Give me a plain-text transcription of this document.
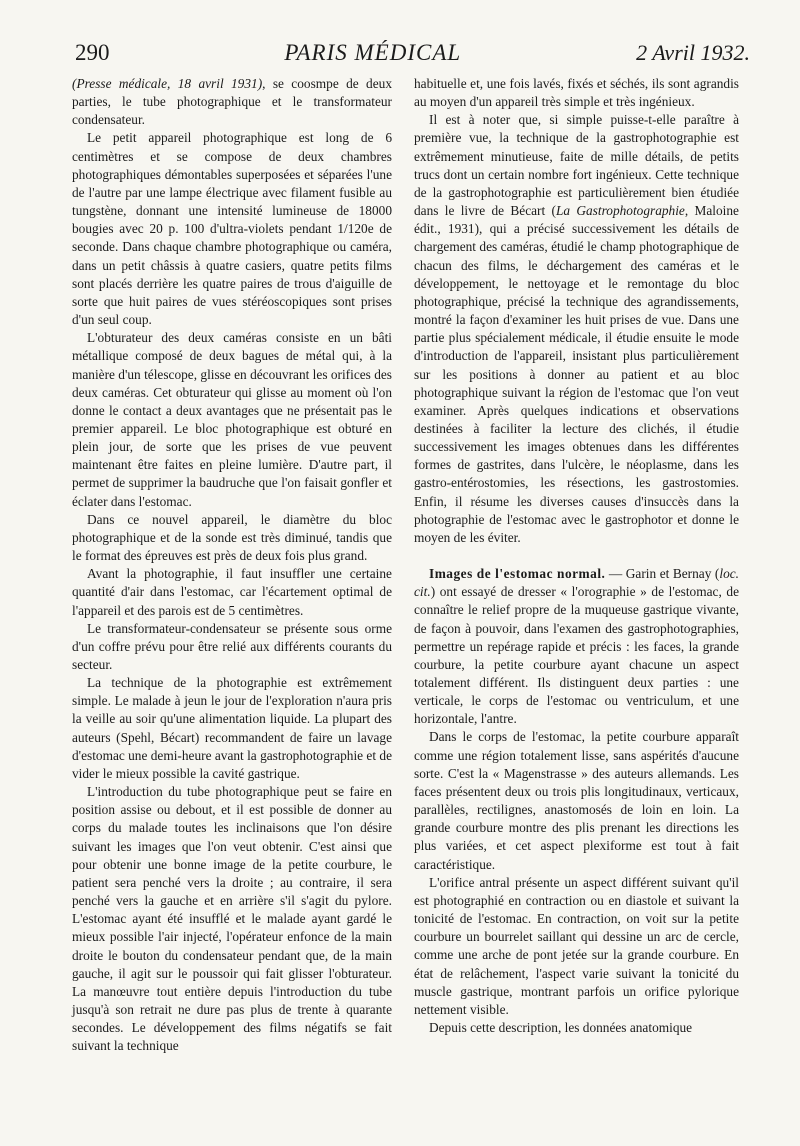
290	PARIS MÉDICAL	2 Avril 1932.

(Presse médicale, 18 avril 1931), se coosmpe de deux parties, le tube photographique et le transformateur condensateur.

Le petit appareil photographique est long de 6 centimètres et se compose de deux chambres photographiques démontables superposées et séparées l'une de l'autre par une lampe électrique avec filament fusible au tungstène, donnant une intensité lumineuse de 18000 bougies avec 20 p. 100 d'ultra-violets pendant 1/120e de seconde. Dans chaque chambre photographique ou caméra, dans un petit châssis à quatre casiers, quatre petits films sont placés derrière les quatre paires de trous d'aiguille de sorte que huit paires de vues stéréoscopiques sont prises d'un seul coup.

L'obturateur des deux caméras consiste en un bâti métallique composé de deux bagues de métal qui, à la manière d'un télescope, glisse en découvrant les orifices des deux caméras. Cet obturateur qui glisse au moment où l'on donne le contact a deux avantages que ne présentait pas le premier appareil. Le bloc photographique est obturé en plein jour, de sorte que les prises de vue peuvent maintenant être faites en pleine lumière. D'autre part, il permet de supprimer la baudruche que l'on faisait gonfler et éclater dans l'estomac.

Dans ce nouvel appareil, le diamètre du bloc photographique et de la sonde est très diminué, tandis que le format des épreuves est près de deux fois plus grand.

Avant la photographie, il faut insuffler une certaine quantité d'air dans l'estomac, car l'écartement optimal de l'appareil et des parois est de 5 centimètres.

Le transformateur-condensateur se présente sous orme d'un coffre prévu pour être relié aux différents courants du secteur.

La technique de la photographie est extrêmement simple. Le malade à jeun le jour de l'exploration n'aura pris la veille au soir qu'une alimentation liquide. La plupart des auteurs (Spehl, Bécart) recommandent de faire un lavage d'estomac une demi-heure avant la gastrophotographie et de vider le mieux possible la cavité gastrique.

L'introduction du tube photographique peut se faire en position assise ou debout, et il est possible de donner au corps du malade toutes les inclinaisons que l'on désire suivant les images que l'on veut obtenir. C'est ainsi que pour obtenir une bonne image de la petite courbure, le patient sera penché vers la droite ; au contraire, il sera penché vers la gauche et en arrière s'il s'agit du pylore. L'estomac ayant été insufflé et le malade ayant gardé le mieux possible l'air injecté, l'opérateur enfonce de la main droite le bouton du condensateur pendant que, de la main gauche, il agit sur le poussoir qui fait glisser l'obturateur. La manœuvre tout entière depuis l'introduction du tube jusqu'à son retrait ne dure pas plus de trente à quarante secondes. Le développement des films négatifs se fait suivant la technique

habituelle et, une fois lavés, fixés et séchés, ils sont agrandis au moyen d'un appareil très simple et très ingénieux.

Il est à noter que, si simple puisse-t-elle paraître à première vue, la technique de la gastrophotographie est extrêmement minutieuse, faite de mille détails, de petits trucs dont un certain nombre fort ingénieux. Cette technique de la gastrophotographie est particulièrement bien étudiée dans le livre de Bécart (La Gastrophotographie, Maloine édit., 1931), qui a précisé successivement les détails de chargement des caméras, étudié le champ photographique de chacun des films, le déchargement des caméras et le développement, le nettoyage et le remontage du bloc photographique, précisé la technique des agrandissements, montré la façon d'examiner les huit prises de vue. Dans une partie plus spécialement médicale, il étudie ensuite le mode d'introduction de l'appareil, insistant plus particulièrement sur les positions à donner au patient et au bloc photographique suivant la région de l'estomac que l'on veut examiner. Après quelques indications et observations destinées à faciliter la lecture des clichés, il étudie successivement les images obtenues dans les différentes formes de gastrites, dans l'ulcère, le néoplasme, dans les gastro-entérostomies, les résections, les gastrostomies. Enfin, il résume les diverses causes d'insuccès dans la photographie de l'estomac avec le gastrophotor et donne le moyen de les éviter.

Images de l'estomac normal. — Garin et Bernay (loc. cit.) ont essayé de dresser « l'orographie » de l'estomac, de connaître le relief propre de la muqueuse gastrique vivante, de façon à pouvoir, dans l'examen des gastrophotographies, permettre un repérage rapide et précis : les faces, la grande courbure, la petite courbure ayant chacune un aspect totalement différent. Ils distinguent deux parties : une verticale, le corps de l'estomac ou ventriculum, et une horizontale, l'antre.

Dans le corps de l'estomac, la petite courbure apparaît comme une région totalement lisse, sans aspérités d'aucune sorte. C'est la « Magenstrasse » des auteurs allemands. Les faces présentent deux ou trois plis longitudinaux, verticaux, parallèles, rectilignes, anastomosés de loin en loin. La grande courbure montre des plis prenant les directions les plus variées, et cet aspect plexiforme est tout à fait caractéristique.

L'orifice antral présente un aspect différent suivant qu'il est photographié en contraction ou en diastole et suivant la tonicité de l'estomac. En contraction, on voit sur la petite courbure un bourrelet saillant qui dessine un arc de cercle, comme une arche de pont jetée sur la grande courbure. En état de relâchement, l'aspect varie suivant la tonicité du muscle gastrique, montrant parfois un orifice pylorique nettement visible.

Depuis cette description, les données anatomique
